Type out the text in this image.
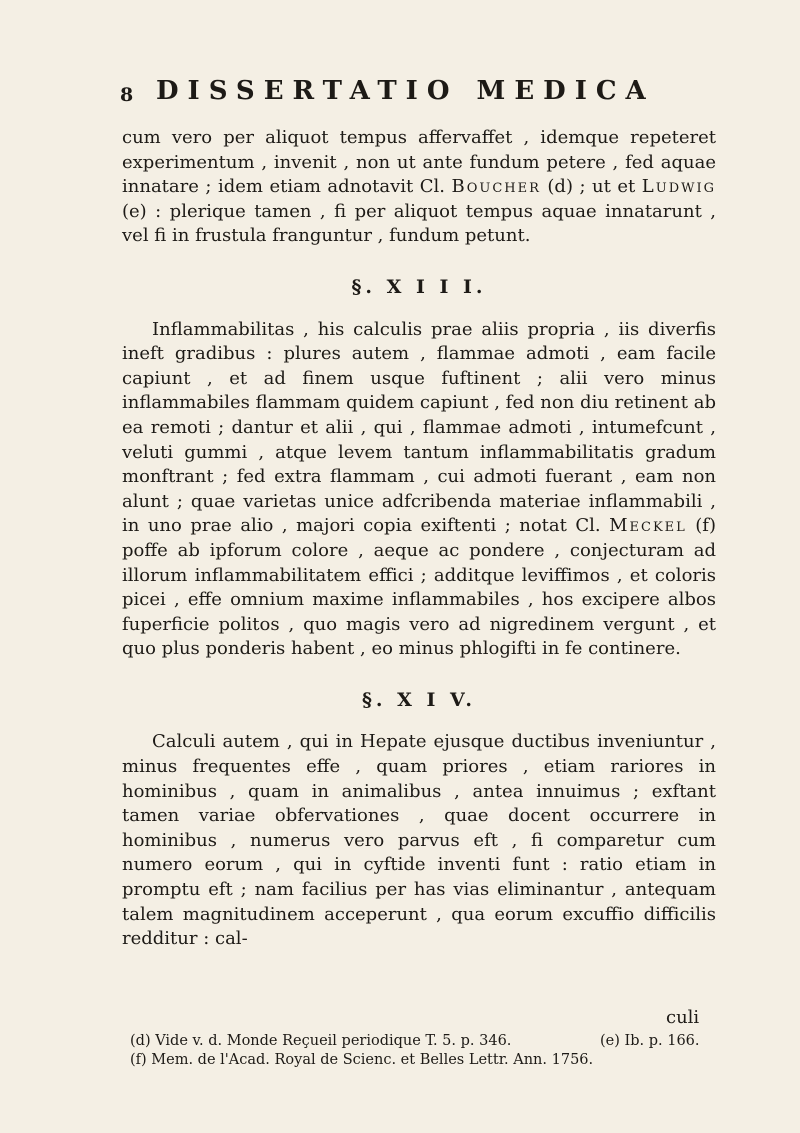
8 DISSERTATIO MEDICA

cum vero per aliquot tempus affervaffet , idemque repeteret experimentum , invenit , non ut ante fundum petere , fed aquae innatare ; idem etiam adnotavit Cl. Boucher (d) ; ut et Ludwig (e) : plerique tamen , fi per aliquot tempus aquae innatarunt , vel fi in frustula franguntur , fundum petunt.

§. X I I I.

Inflammabilitas , his calculis prae aliis propria , iis diverfis ineft gradibus : plures autem , flammae admoti , eam facile capiunt , et ad finem usque fuftinent ; alii vero minus inflammabiles flammam quidem capiunt , fed non diu retinent ab ea remoti ; dantur et alii , qui , flammae admoti , intumefcunt , veluti gummi , atque levem tantum inflammabilitatis gradum monftrant ; fed extra flammam , cui admoti fuerant , eam non alunt ; quae varietas unice adfcribenda materiae inflammabili , in uno prae alio , majori copia exiftenti ; notat Cl. Meckel (f) poffe ab ipforum colore , aeque ac pondere , conjecturam ad illorum inflammabilitatem effici ; additque leviffimos , et coloris picei , effe omnium maxime inflammabiles , hos excipere albos fuperficie politos , quo magis vero ad nigredinem vergunt , et quo plus ponderis habent , eo minus phlogifti in fe continere.

§. X I V.

Calculi autem , qui in Hepate ejusque ductibus inveniuntur , minus frequentes effe , quam priores , etiam rariores in hominibus , quam in animalibus , antea innuimus ; exftant tamen variae obfervationes , quae docent occurrere in hominibus , numerus vero parvus eft , fi comparetur cum numero eorum , qui in cyftide inventi funt : ratio etiam in promptu eft ; nam facilius per has vias eliminantur , antequam talem magnitudinem acceperunt , qua eorum excuffio difficilis redditur : cal-

culi
(d) Vide v. d. Monde Reçueil periodique T. 5. p. 346.	(e) Ib. p. 166.
(f) Mem. de l'Acad. Royal de Scienc. et Belles Lettr. Ann. 1756.
